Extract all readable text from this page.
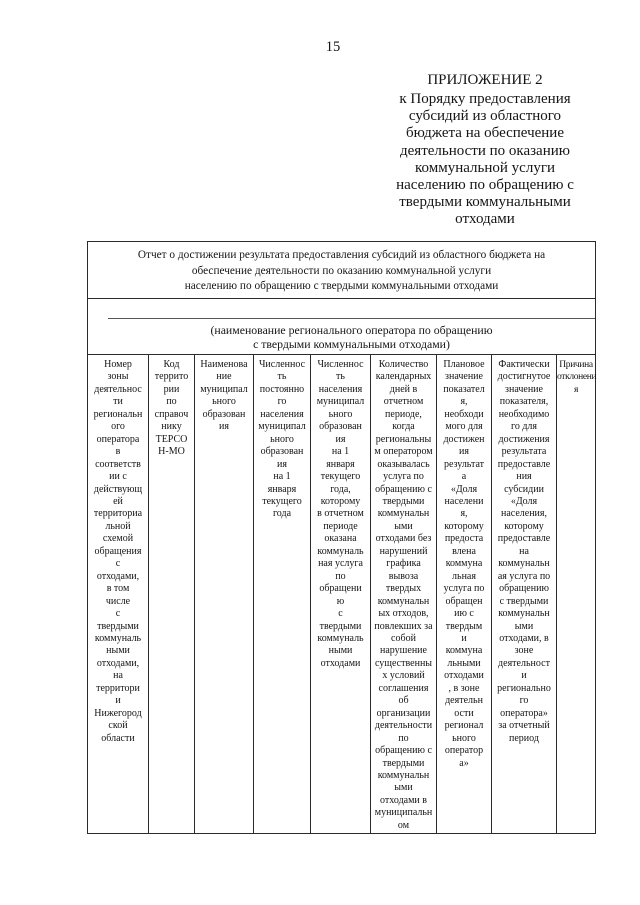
15
ПРИЛОЖЕНИЕ 2
к Порядку предоставления
субсидий из областного
бюджета на обеспечение
деятельности по оказанию
коммунальной услуги
населению по обращению с
твердыми коммунальными
отходами
Отчет о достижении результата предоставления субсидий из областного бюджета на
обеспечение деятельности по оказанию коммунальной услуги
населению по обращению с твердыми коммунальными отходами
(наименование регионального оператора по обращению
с твердыми коммунальными отходами)
Номер
зоны
деятельнос
ти
региональн
ого
оператора
в
соответств
ии с
действующ
ей
территориа
льной
схемой
обращения
с
отходами,
в том
числе
с
твердыми
коммуналь
ными
отходами,
на
территори
и
Нижегород
ской
области
Код
террито
рии
по
справоч
нику
ТЕРСО
Н-МО
Наименова
ние
муниципал
ьного
образован
ия
Численнос
ть
постоянно
го
населения
муниципал
ьного
образован
ия
на 1
января
текущего
года
Численнос
ть
населения
муниципал
ьного
образован
ия
на 1
января
текущего
года,
которому
в отчетном
периоде
оказана
коммуналь
ная услуга
по
обращени
ю
с
твердыми
коммуналь
ными
отходами
Количество
календарных
дней в
отчетном
периоде,
когда
региональны
м оператором
оказывалась
услуга по
обращению с
твердыми
коммунальн
ыми
отходами без
нарушений
графика
вывоза
твердых
коммунальн
ых отходов,
повлекших за
собой
нарушение
существенны
х условий
соглашения
об
организации
деятельности
по
обращению с
твердыми
коммунальн
ыми
отходами в
муниципальн
ом
Плановое
значение
показател
я,
необходи
мого для
достижен
ия
результат
а
«Доля
населени
я,
которому
предоста
влена
коммуна
льная
услуга по
обращен
ию с
твердым
и
коммуна
льными
отходами
, в зоне
деятельн
ости
регионал
ьного
оператор
а»
Фактически
достигнутое
значение
показателя,
необходимо
го для
достижения
результата
предоставле
ния
субсидии
«Доля
населения,
которому
предоставле
на
коммунальн
ая услуга по
обращению
с твердыми
коммунальн
ыми
отходами, в
зоне
деятельност
и
регионально
го
оператора»
за отчетный
период
Причина
отклонени
я
